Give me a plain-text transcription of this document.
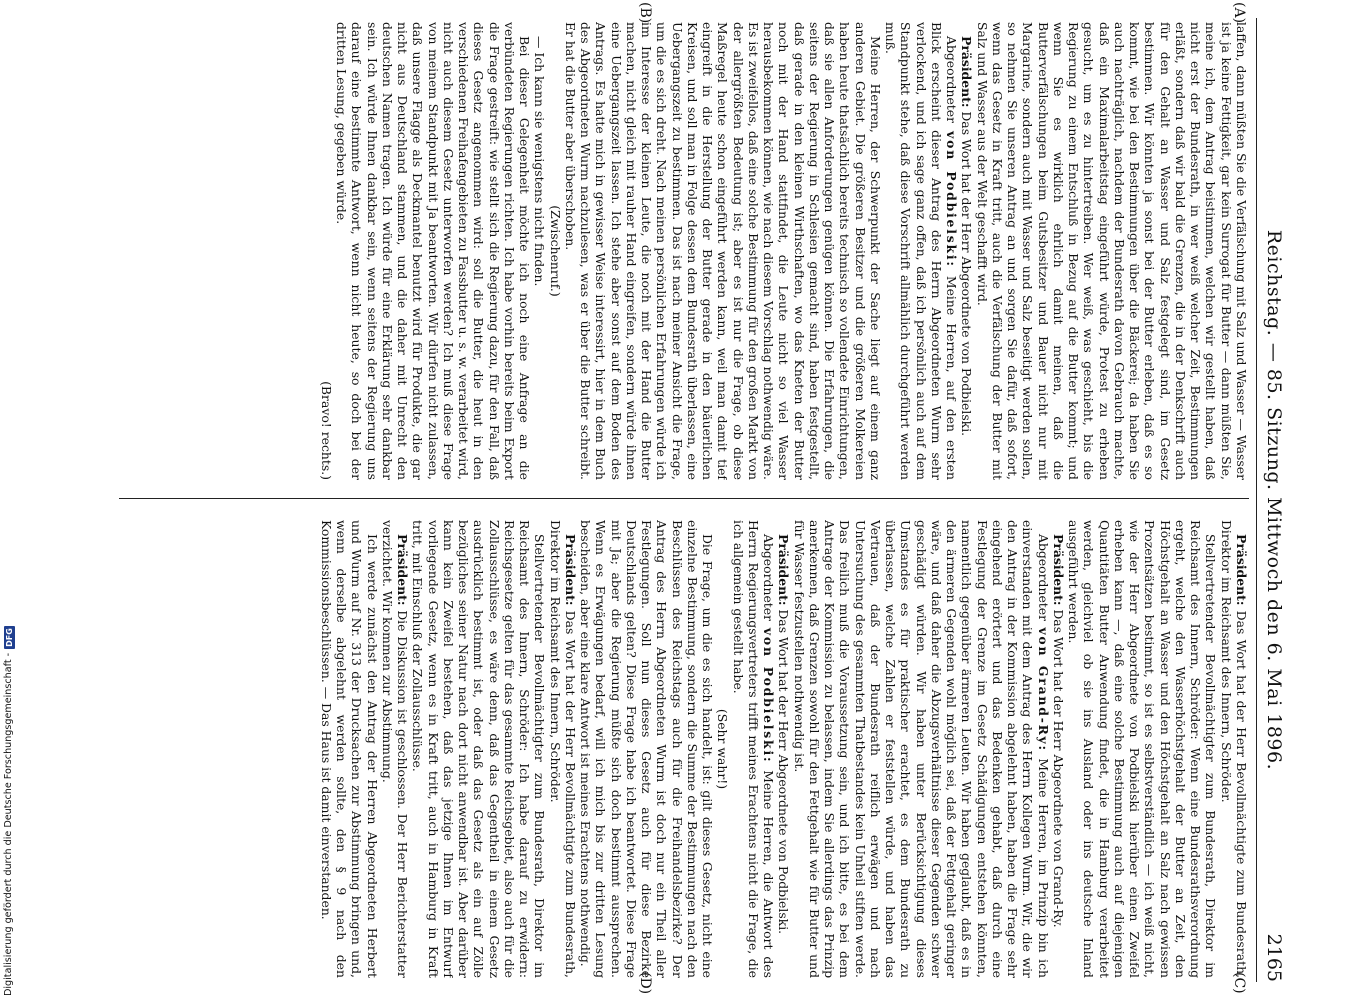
Reichstag. — 85. Sitzung. Mittwoch den 6. Mai 1896.
2165
(A)
(B)
(C)
(D)

laffen, dann müßten Sie die Verfälschung mit Salz und Wasser — Wasser ist ja keine Fettigkeit, gar kein Surrogat für Butter — dann müßten Sie, meine ich, dem Antrag beistimmen, welchen wir gestellt haben, daß nicht erst der Bundesrath, in wer weiß welcher Zeit, Bestimmungen erläßt, sondern daß wir bald die Grenzen, die in der Denkschrift auch für den Gehalt an Wasser und Salz festgelegt sind, im Gesetz bestimmen. Wir könnten ja sonst bei der Butter erleben, daß es so kommt, wie bei den Bestimmungen über die Bäckerei; da haben Sie auch nachträglich, nachdem der Bundesrath davon Gebrauch machte, daß ein Maximalarbeitstag eingeführt würde, Protest zu erheben gesucht, um es zu hintertreiben. Wer weiß, was geschieht, bis die Regierung zu einem Entschluß in Bezug auf die Butter kommt; und wenn Sie es wirklich ehrlich damit meinen, daß die Butterverfälschungen beim Gutsbesitzer und Bauer nicht nur mit Margarine, sondern auch mit Wasser und Salz beseitigt werden sollen, so nehmen Sie unseren Antrag an und sorgen Sie dafür, daß sofort, wenn das Gesetz in Kraft tritt, auch die Verfälschung der Butter mit Salz und Wasser aus der Welt geschafft wird.

Präsident: Das Wort hat der Herr Abgeordnete von Podbielski.

Abgeordneter von Podbielski: Meine Herren, auf den ersten Blick erscheint dieser Antrag des Herrn Abgeordneten Wurm sehr verlockend, und ich sage ganz offen, daß ich persönlich auch auf dem Standpunkt stehe, daß diese Vorschrift allmählich durchgeführt werden muß.

Meine Herren, der Schwerpunkt der Sache liegt auf einem ganz anderen Gebiet. Die größeren Besitzer und die größeren Molkereien haben heute thatsächlich bereits technisch so vollendete Einrichtungen, daß sie allen Anforderungen genügen können. Die Erfahrungen, die seitens der Regierung in Schlesien gemacht sind, haben festgestellt, daß gerade in den kleinen Wirthschaften, wo das Kneten der Butter noch mit der Hand stattfindet, die Leute nicht so viel Wasser herausbekommen können, wie nach diesem Vorschlag nothwendig wäre. Es ist zweifellos, daß eine solche Bestimmung für den großen Markt von der allergrößten Bedeutung ist; aber es ist nur die Frage, ob diese Maßregel heute schon eingeführt werden kann, weil man damit tief eingreift in die Herstellung der Butter gerade in den bäuerlichen Kreisen, und soll man in Folge dessen dem Bundesrath überlassen, eine Uebergangszeit zu bestimmen. Das ist nach meiner Ansicht die Frage, um die es sich dreht. Nach meinen persönlichen Erfahrungen würde ich im Interesse der kleinen Leute, die noch mit der Hand die Butter machen, nicht gleich mit rauher Hand eingreifen, sondern würde ihnen eine Uebergangszeit lassen. Ich stehe aber sonst auf dem Boden des Antrags. Es hatte mich in gewisser Weise interessirt, hier in dem Buch des Abgeordneten Wurm nachzulesen, was er über die Butter schreibt. Er hat die Butter aber überschoben.

(Zwischenruf.)

— Ich kann sie wenigstens nicht finden.

Bei dieser Gelegenheit möchte ich noch eine Anfrage an die verbündeten Regierungen richten. Ich habe vorhin bereits beim Export die Frage gestreift: wie stellt sich die Regierung dazu, für den Fall, daß dieses Gesetz angenommen wird: soll die Butter, die heut in den verschiedenen Freihafengebieten zu Fassbutter u. s. w. verarbeitet wird, nicht auch diesem Gesetz unterworfen werden? Ich muß diese Frage von meinem Standpunkt mit Ja beantworten. Wir dürfen nicht zulassen, daß unsere Flagge als Deckmantel benutzt wird für Produkte, die gar nicht aus Deutschland stammen, und die daher mit Unrecht den deutschen Namen tragen. Ich würde für eine Erklärung sehr dankbar sein. Ich würde Ihnen dankbar sein, wenn seitens der Regierung uns darauf eine bestimmte Antwort, wenn nicht heute, so doch bei der dritten Lesung, gegeben würde.

(Bravo! rechts.)

Präsident: Das Wort hat der Herr Bevollmächtigte zum Bundesrath, Direktor im Reichsamt des Innern, Schröder.

Stellvertretender Bevollmächtigter zum Bundesrath, Direktor im Reichsamt des Innern, Schröder: Wenn eine Bundesrathsverordnung ergeht, welche den Wasserhöchstgehalt der Butter an Zeit, den Höchstgehalt an Wasser und den Höchstgehalt an Salz nach gewissen Prozentsätzen bestimmt, so ist es selbstverständlich — ich weiß nicht, wie der Herr Abgeordnete von Podbielski hierüber einen Zweifel erheben kann —, daß eine solche Bestimmung auch auf diejenigen Quantitäten Butter Anwendung findet, die in Hamburg verarbeitet werden, gleichviel ob sie ins Ausland oder ins deutsche Inland ausgeführt werden.

Präsident: Das Wort hat der Herr Abgeordnete von Grand-Ry.

Abgeordneter von Grand-Ry: Meine Herren, im Prinzip bin ich einverstanden mit dem Antrag des Herrn Kollegen Wurm. Wir, die wir den Antrag in der Kommission abgelehnt haben, haben die Frage sehr eingehend erörtert und das Bedenken gehabt, daß durch eine Festlegung der Grenze im Gesetz Schädigungen entstehen könnten, namentlich gegenüber ärmeren Leuten. Wir haben geglaubt, daß es in den ärmeren Gegenden wohl möglich sei, daß der Fettgehalt geringer wäre, und daß daher die Abzugsverhältnisse dieser Gegenden schwer geschädigt würden. Wir haben unter Berücksichtigung dieses Umstandes es für praktischer erachtet, es dem Bundesrath zu überlassen, welche Zahlen er feststellen würde, und haben das Vertrauen, daß der Bundesrath reiflich erwägen und nach Untersuchung des gesammten Thatbestandes kein Unheil stiften werde. Das freilich muß die Voraussetzung sein, und ich bitte, es bei dem Antrage der Kommission zu belassen, indem Sie allerdings das Prinzip anerkennen, daß Grenzen sowohl für den Fettgehalt wie für Butter und für Wasser festzustellen nothwendig ist.

Präsident: Das Wort hat der Herr Abgeordnete von Podbielski.

Abgeordneter von Podbielski: Meine Herren, die Antwort des Herrn Regierungsvertreters trifft meines Erachtens nicht die Frage, die ich allgemein gestellt habe.

(Sehr wahr!)

Die Frage, um die es sich handelt, ist: gilt dieses Gesetz, nicht eine einzelne Bestimmung, sondern die Summe der Bestimmungen nach den Beschlüssen des Reichstags auch für die Freihandelsbezirke? Der Antrag des Herrn Abgeordneten Wurm ist doch nur ein Theil aller Festlegungen. Soll nun dieses Gesetz auch für diese Bezirke Deutschlands gelten? Diese Frage habe ich beantwortet. Diese Frage mit Ja; aber die Regierung müßte sich doch bestimmt aussprechen. Wenn es Erwägungen bedarf, will ich mich bis zur dritten Lesung bescheiden, aber eine klare Antwort ist meines Erachtens nothwendig.

Präsident: Das Wort hat der Herr Bevollmächtigte zum Bundesrath, Direktor im Reichsamt des Innern, Schröder.

Stellvertretender Bevollmächtigter zum Bundesrath, Direktor im Reichsamt des Innern, Schröder: Ich habe darauf zu erwidern: Reichsgesetze gelten für das gesammte Reichsgebiet, also auch für die Zollausschlüsse, es wäre denn, daß das Gegentheil in einem Gesetz ausdrücklich bestimmt ist, oder daß das Gesetz als ein auf Zölle bezügliches seiner Natur nach dort nicht anwendbar ist. Aber darüber kann kein Zweifel bestehen, daß das jetzige Ihnen im Entwurf vorliegende Gesetz, wenn es in Kraft tritt, auch in Hamburg in Kraft tritt, mit Einschluß der Zollausschlüsse.

Präsident: Die Diskussion ist geschlossen. Der Herr Berichterstatter verzichtet. Wir kommen zur Abstimmung.

Ich werde zunächst den Antrag der Herren Abgeordneten Herbert und Wurm auf Nr. 313 der Drucksachen zur Abstimmung bringen und, wenn derselbe abgelehnt werden sollte, den § 9 nach den Kommissionsbeschlüssen. — Das Haus ist damit einverstanden.

Digitalisierung gefördert durch die Deutsche Forschungsgemeinschaft -
DFG
